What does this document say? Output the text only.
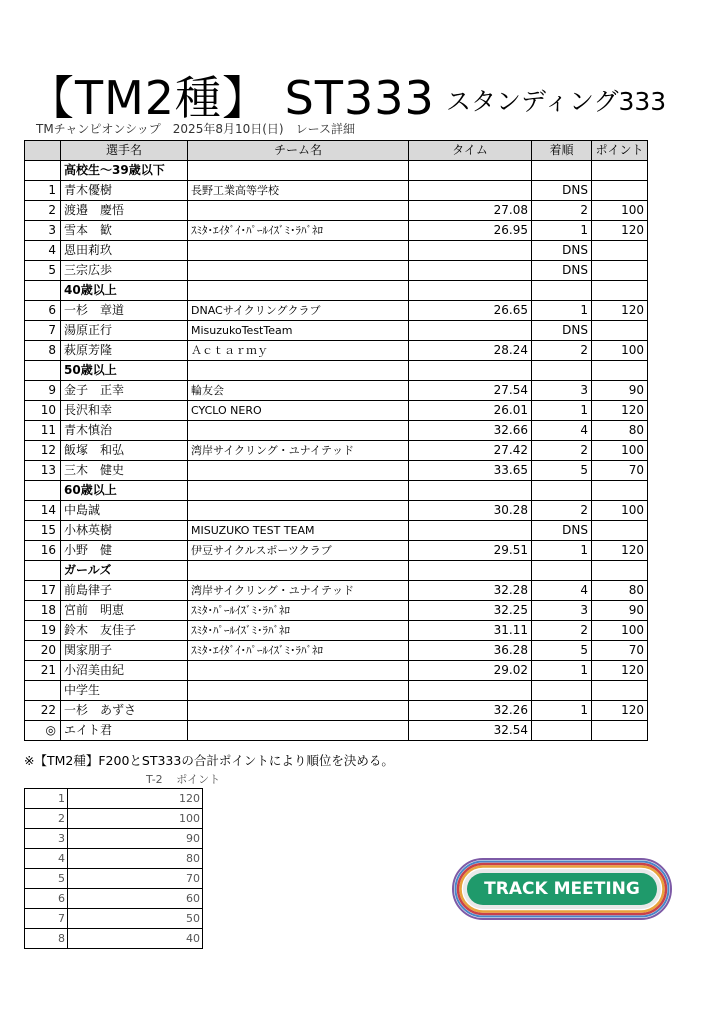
【TM2種】 ST333 スタンディング333
TMチャンピオンシップ　2025年8月10日(日)　レース詳細
	選手名	チーム名	タイム	着順	ポイント
	高校生～39歳以下				
1	青木優樹	長野工業高等学校		DNS	
2	渡邉　慶悟		27.08	2	100
3	雪本　歓	ｽﾐﾀ･ｴｲﾀﾞｲ･ﾊﾟｰﾙｲｽﾞﾐ･ﾗﾊﾞﾈﾛ	26.95	1	120
4	恩田莉玖			DNS	
5	三宗広歩			DNS	
	40歳以上				
6	一杉　章道	DNACサイクリングクラブ	26.65	1	120
7	湯原正行	MisuzukoTestTeam		DNS	
8	萩原芳隆	Ａｃｔａｒｍｙ	28.24	2	100
	50歳以上				
9	金子　正幸	輪友会	27.54	3	90
10	長沢和幸	CYCLO NERO	26.01	1	120
11	青木慎治		32.66	4	80
12	飯塚　和弘	湾岸サイクリング・ユナイテッド	27.42	2	100
13	三木　健史		33.65	5	70
	60歳以上				
14	中島誠		30.28	2	100
15	小林英樹	MISUZUKO TEST TEAM		DNS	
16	小野　健	伊豆サイクルスポーツクラブ	29.51	1	120
	ガールズ				
17	前島律子	湾岸サイクリング・ユナイテッド	32.28	4	80
18	宮前　明恵	ｽﾐﾀ･ﾊﾟｰﾙｲｽﾞﾐ･ﾗﾊﾞﾈﾛ	32.25	3	90
19	鈴木　友佳子	ｽﾐﾀ･ﾊﾟｰﾙｲｽﾞﾐ･ﾗﾊﾞﾈﾛ	31.11	2	100
20	関家朋子	ｽﾐﾀ･ｴｲﾀﾞｲ･ﾊﾟｰﾙｲｽﾞﾐ･ﾗﾊﾞﾈﾛ	36.28	5	70
21	小沼美由紀		29.02	1	120
	中学生				
22	一杉　あずさ		32.26	1	120
◎	エイト君		32.54		
※【TM2種】F200とST333の合計ポイントにより順位を決める。
T-2 ポイント
1	120
2	100
3	90
4	80
5	70
6	60
7	50
8	40
TRACK MEETING
